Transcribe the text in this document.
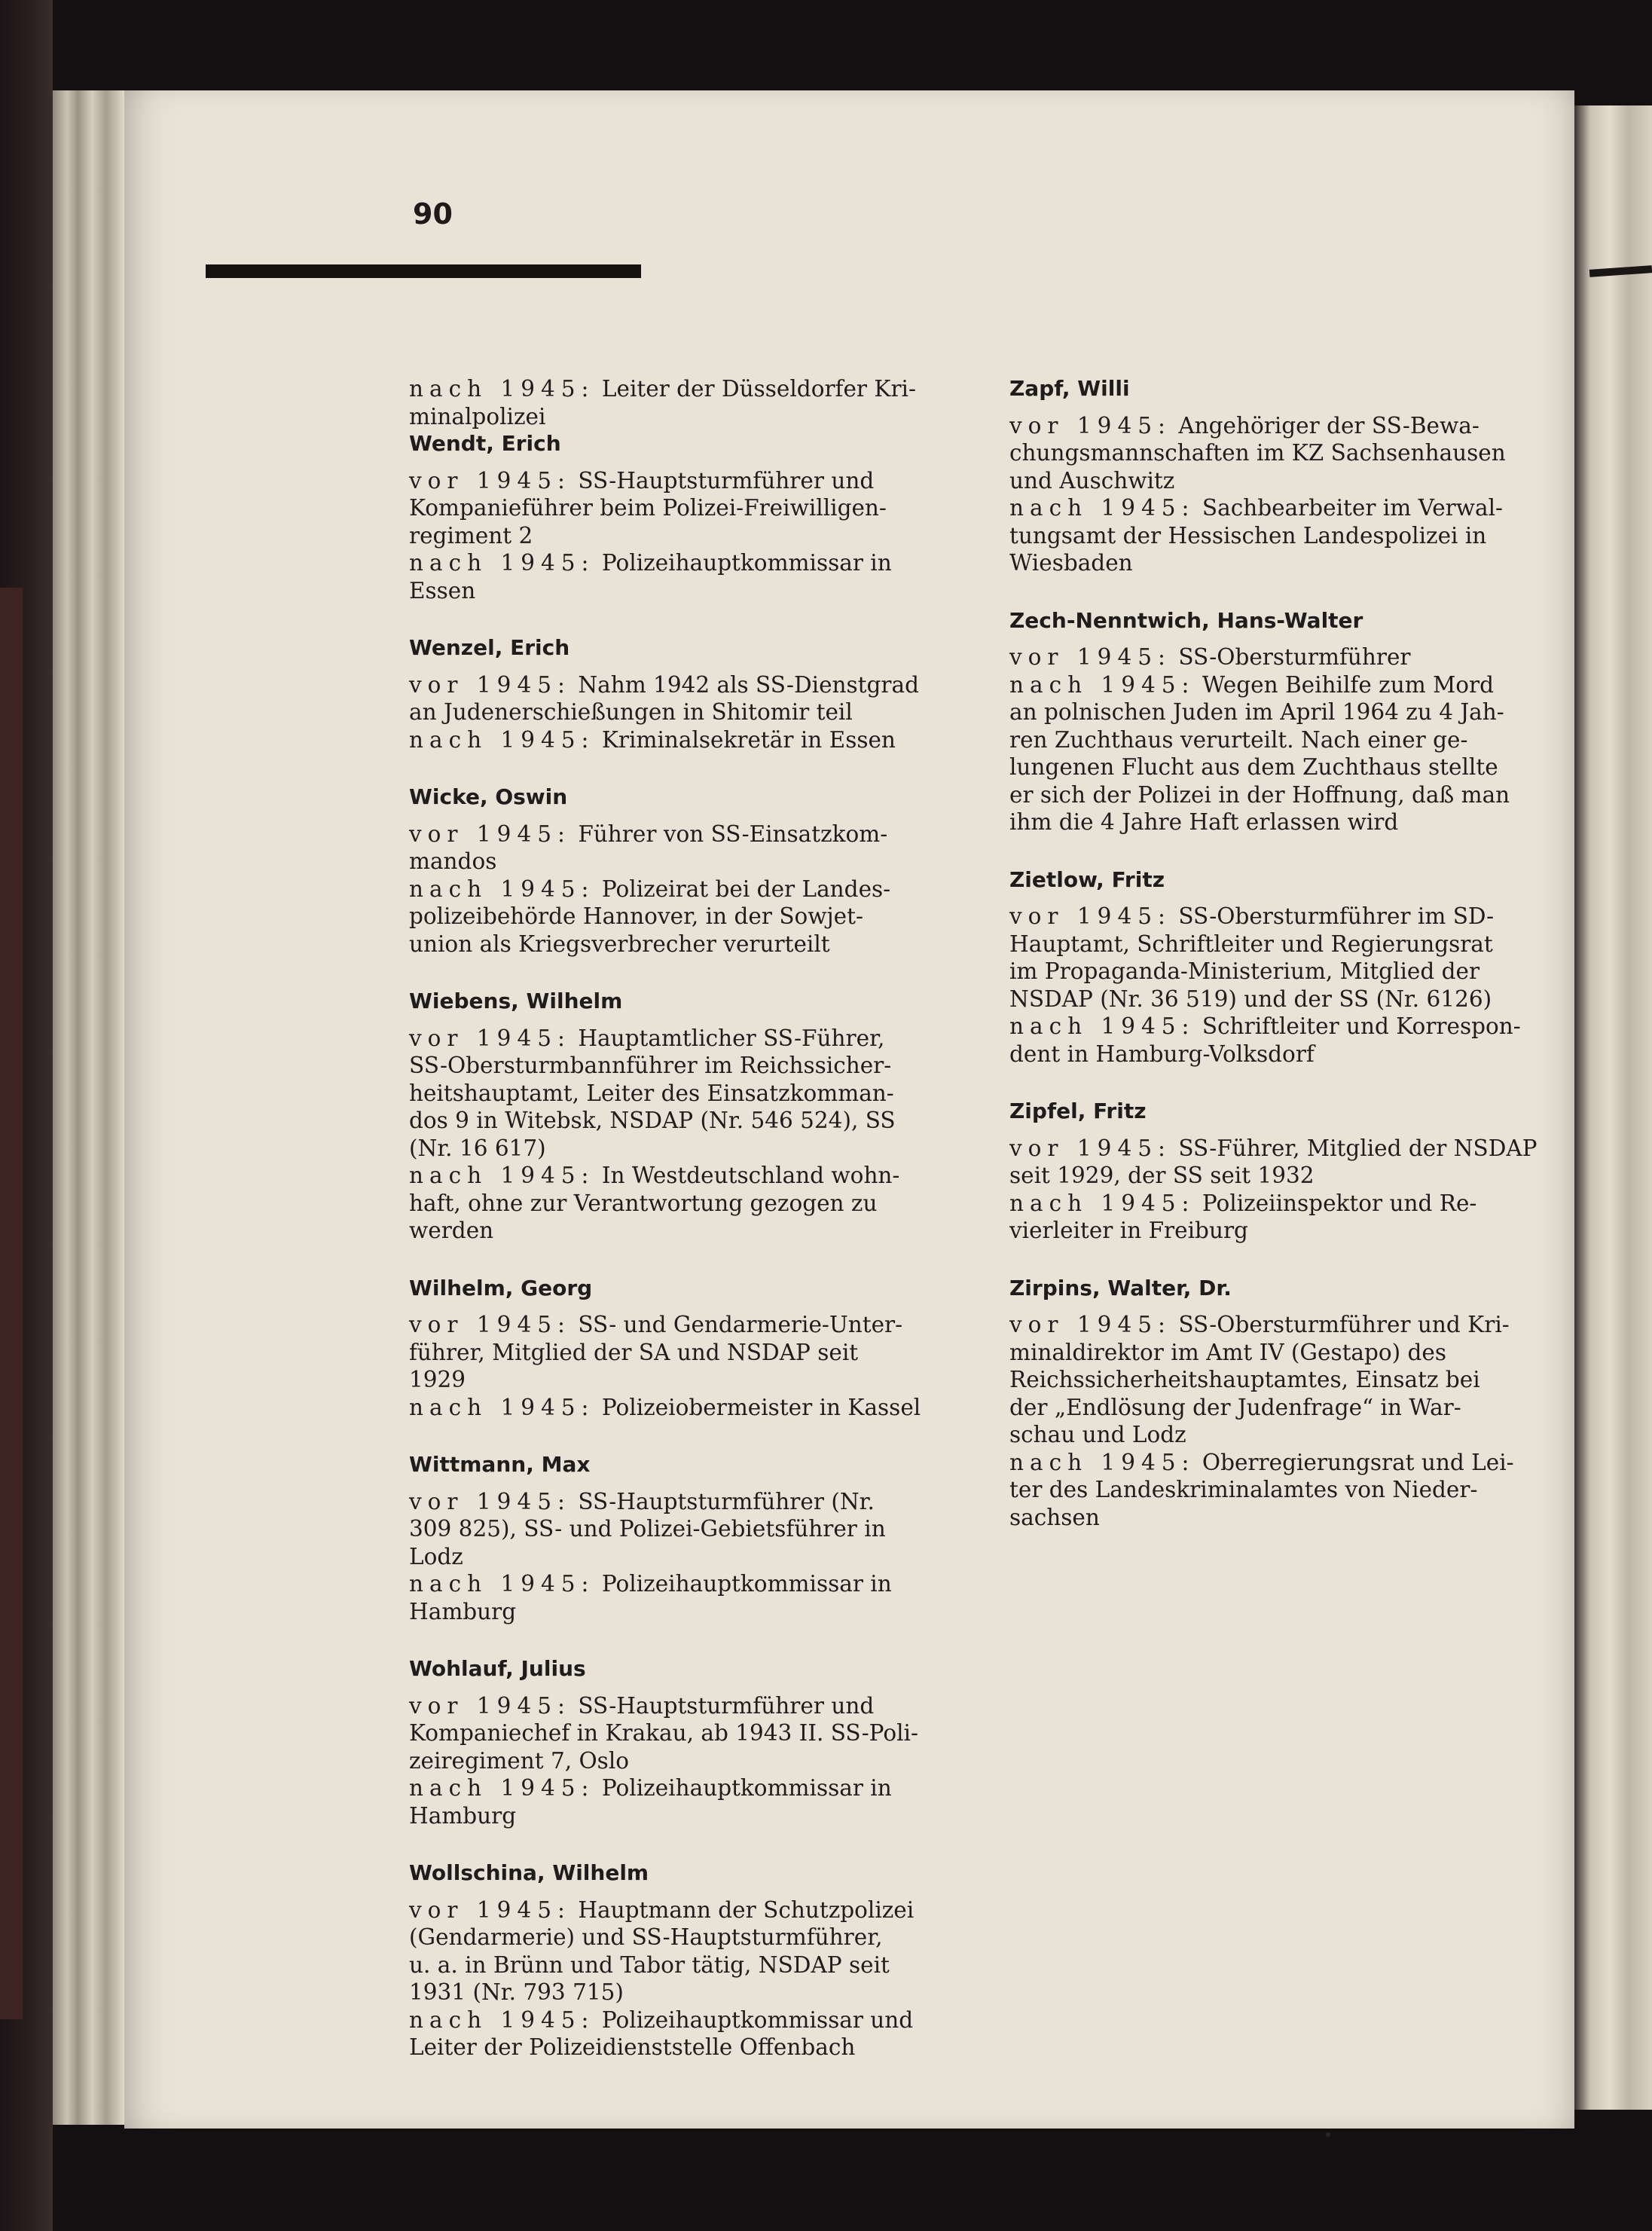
90

nach 1945: Leiter der Düsseldorfer Kri-

minalpolizei

Wendt, Erich

vor 1945: SS-Hauptsturmführer und

Kompanieführer beim Polizei-Freiwilligen-

regiment 2

nach 1945: Polizeihauptkommissar in

Essen

Wenzel, Erich

vor 1945: Nahm 1942 als SS-Dienstgrad

an Judenerschießungen in Shitomir teil

nach 1945: Kriminalsekretär in Essen

Wicke, Oswin

vor 1945: Führer von SS-Einsatzkom-

mandos

nach 1945: Polizeirat bei der Landes-

polizeibehörde Hannover, in der Sowjet-

union als Kriegsverbrecher verurteilt

Wiebens, Wilhelm

vor 1945: Hauptamtlicher SS-Führer,

SS-Obersturmbannführer im Reichssicher-

heitshauptamt, Leiter des Einsatzkomman-

dos 9 in Witebsk, NSDAP (Nr. 546 524), SS

(Nr. 16 617)

nach 1945: In Westdeutschland wohn-

haft, ohne zur Verantwortung gezogen zu

werden

Wilhelm, Georg

vor 1945: SS- und Gendarmerie-Unter-

führer, Mitglied der SA und NSDAP seit

1929

nach 1945: Polizeiobermeister in Kassel

Wittmann, Max

vor 1945: SS-Hauptsturmführer (Nr.

309 825), SS- und Polizei-Gebietsführer in

Lodz

nach 1945: Polizeihauptkommissar in

Hamburg

Wohlauf, Julius

vor 1945: SS-Hauptsturmführer und

Kompaniechef in Krakau, ab 1943 II. SS-Poli-

zeiregiment 7, Oslo

nach 1945: Polizeihauptkommissar in

Hamburg

Wollschina, Wilhelm

vor 1945: Hauptmann der Schutzpolizei

(Gendarmerie) und SS-Hauptsturmführer,

u. a. in Brünn und Tabor tätig, NSDAP seit

1931 (Nr. 793 715)

nach 1945: Polizeihauptkommissar und

Leiter der Polizeidienststelle Offenbach

Zapf, Willi

vor 1945: Angehöriger der SS-Bewa-

chungsmannschaften im KZ Sachsenhausen

und Auschwitz

nach 1945: Sachbearbeiter im Verwal-

tungsamt der Hessischen Landespolizei in

Wiesbaden

Zech-Nenntwich, Hans-Walter

vor 1945: SS-Obersturmführer

nach 1945: Wegen Beihilfe zum Mord

an polnischen Juden im April 1964 zu 4 Jah-

ren Zuchthaus verurteilt. Nach einer ge-

lungenen Flucht aus dem Zuchthaus stellte

er sich der Polizei in der Hoffnung, daß man

ihm die 4 Jahre Haft erlassen wird

Zietlow, Fritz

vor 1945: SS-Obersturmführer im SD-

Hauptamt, Schriftleiter und Regierungsrat

im Propaganda-Ministerium, Mitglied der

NSDAP (Nr. 36 519) und der SS (Nr. 6126)

nach 1945: Schriftleiter und Korrespon-

dent in Hamburg-Volksdorf

Zipfel, Fritz

vor 1945: SS-Führer, Mitglied der NSDAP

seit 1929, der SS seit 1932

nach 1945: Polizeiinspektor und Re-

vierleiter in Freiburg

Zirpins, Walter, Dr.

vor 1945: SS-Obersturmführer und Kri-

minaldirektor im Amt IV (Gestapo) des

Reichssicherheitshauptamtes, Einsatz bei

der „Endlösung der Judenfrage“ in War-

schau und Lodz

nach 1945: Oberregierungsrat und Lei-

ter des Landeskriminalamtes von Nieder-

sachsen
